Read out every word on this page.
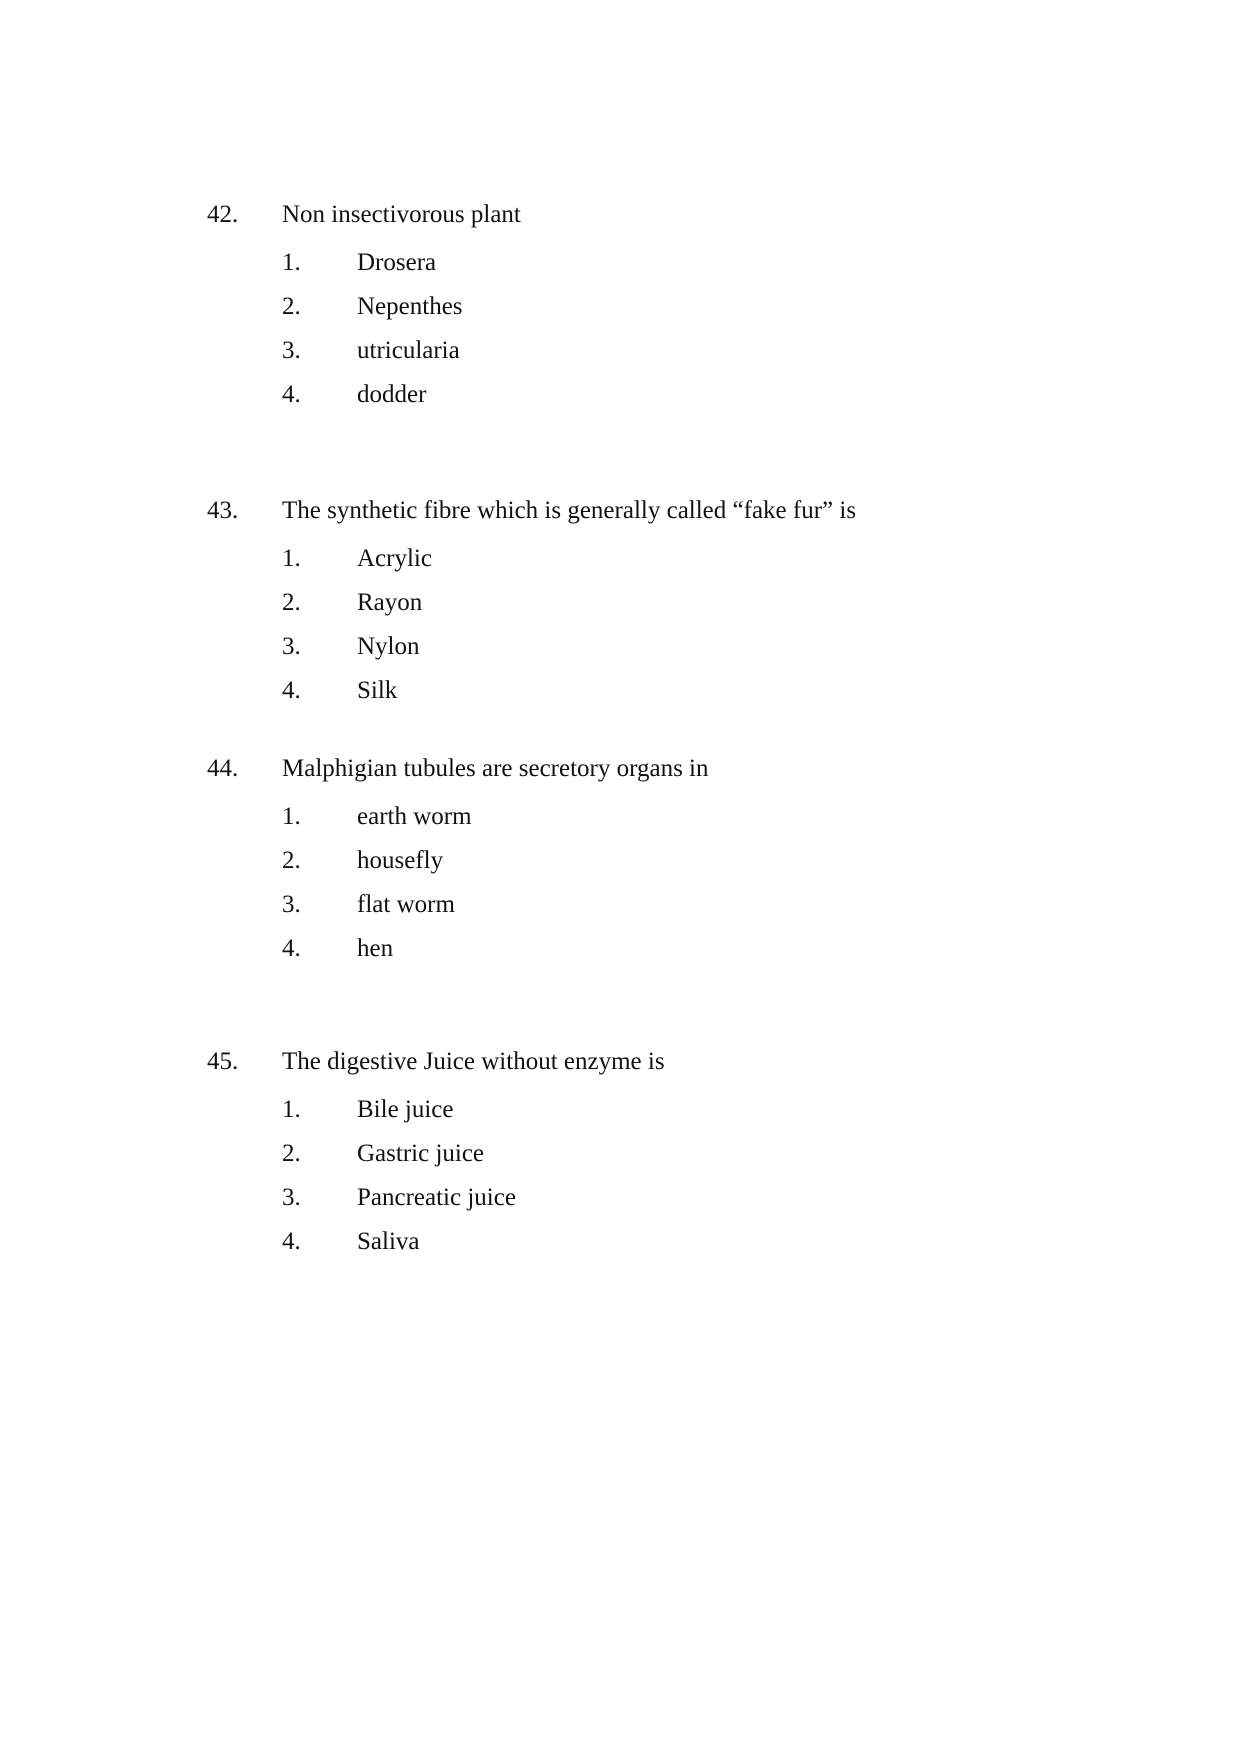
42. Non insectivorous plant
1. Drosera
2. Nepenthes
3. utricularia
4. dodder
43. The synthetic fibre which is generally called “fake fur” is
1. Acrylic
2. Rayon
3. Nylon
4. Silk
44. Malphigian tubules are secretory organs in
1. earth worm
2. housefly
3. flat worm
4. hen
45. The digestive Juice without enzyme is
1. Bile juice
2. Gastric juice
3. Pancreatic juice
4. Saliva
